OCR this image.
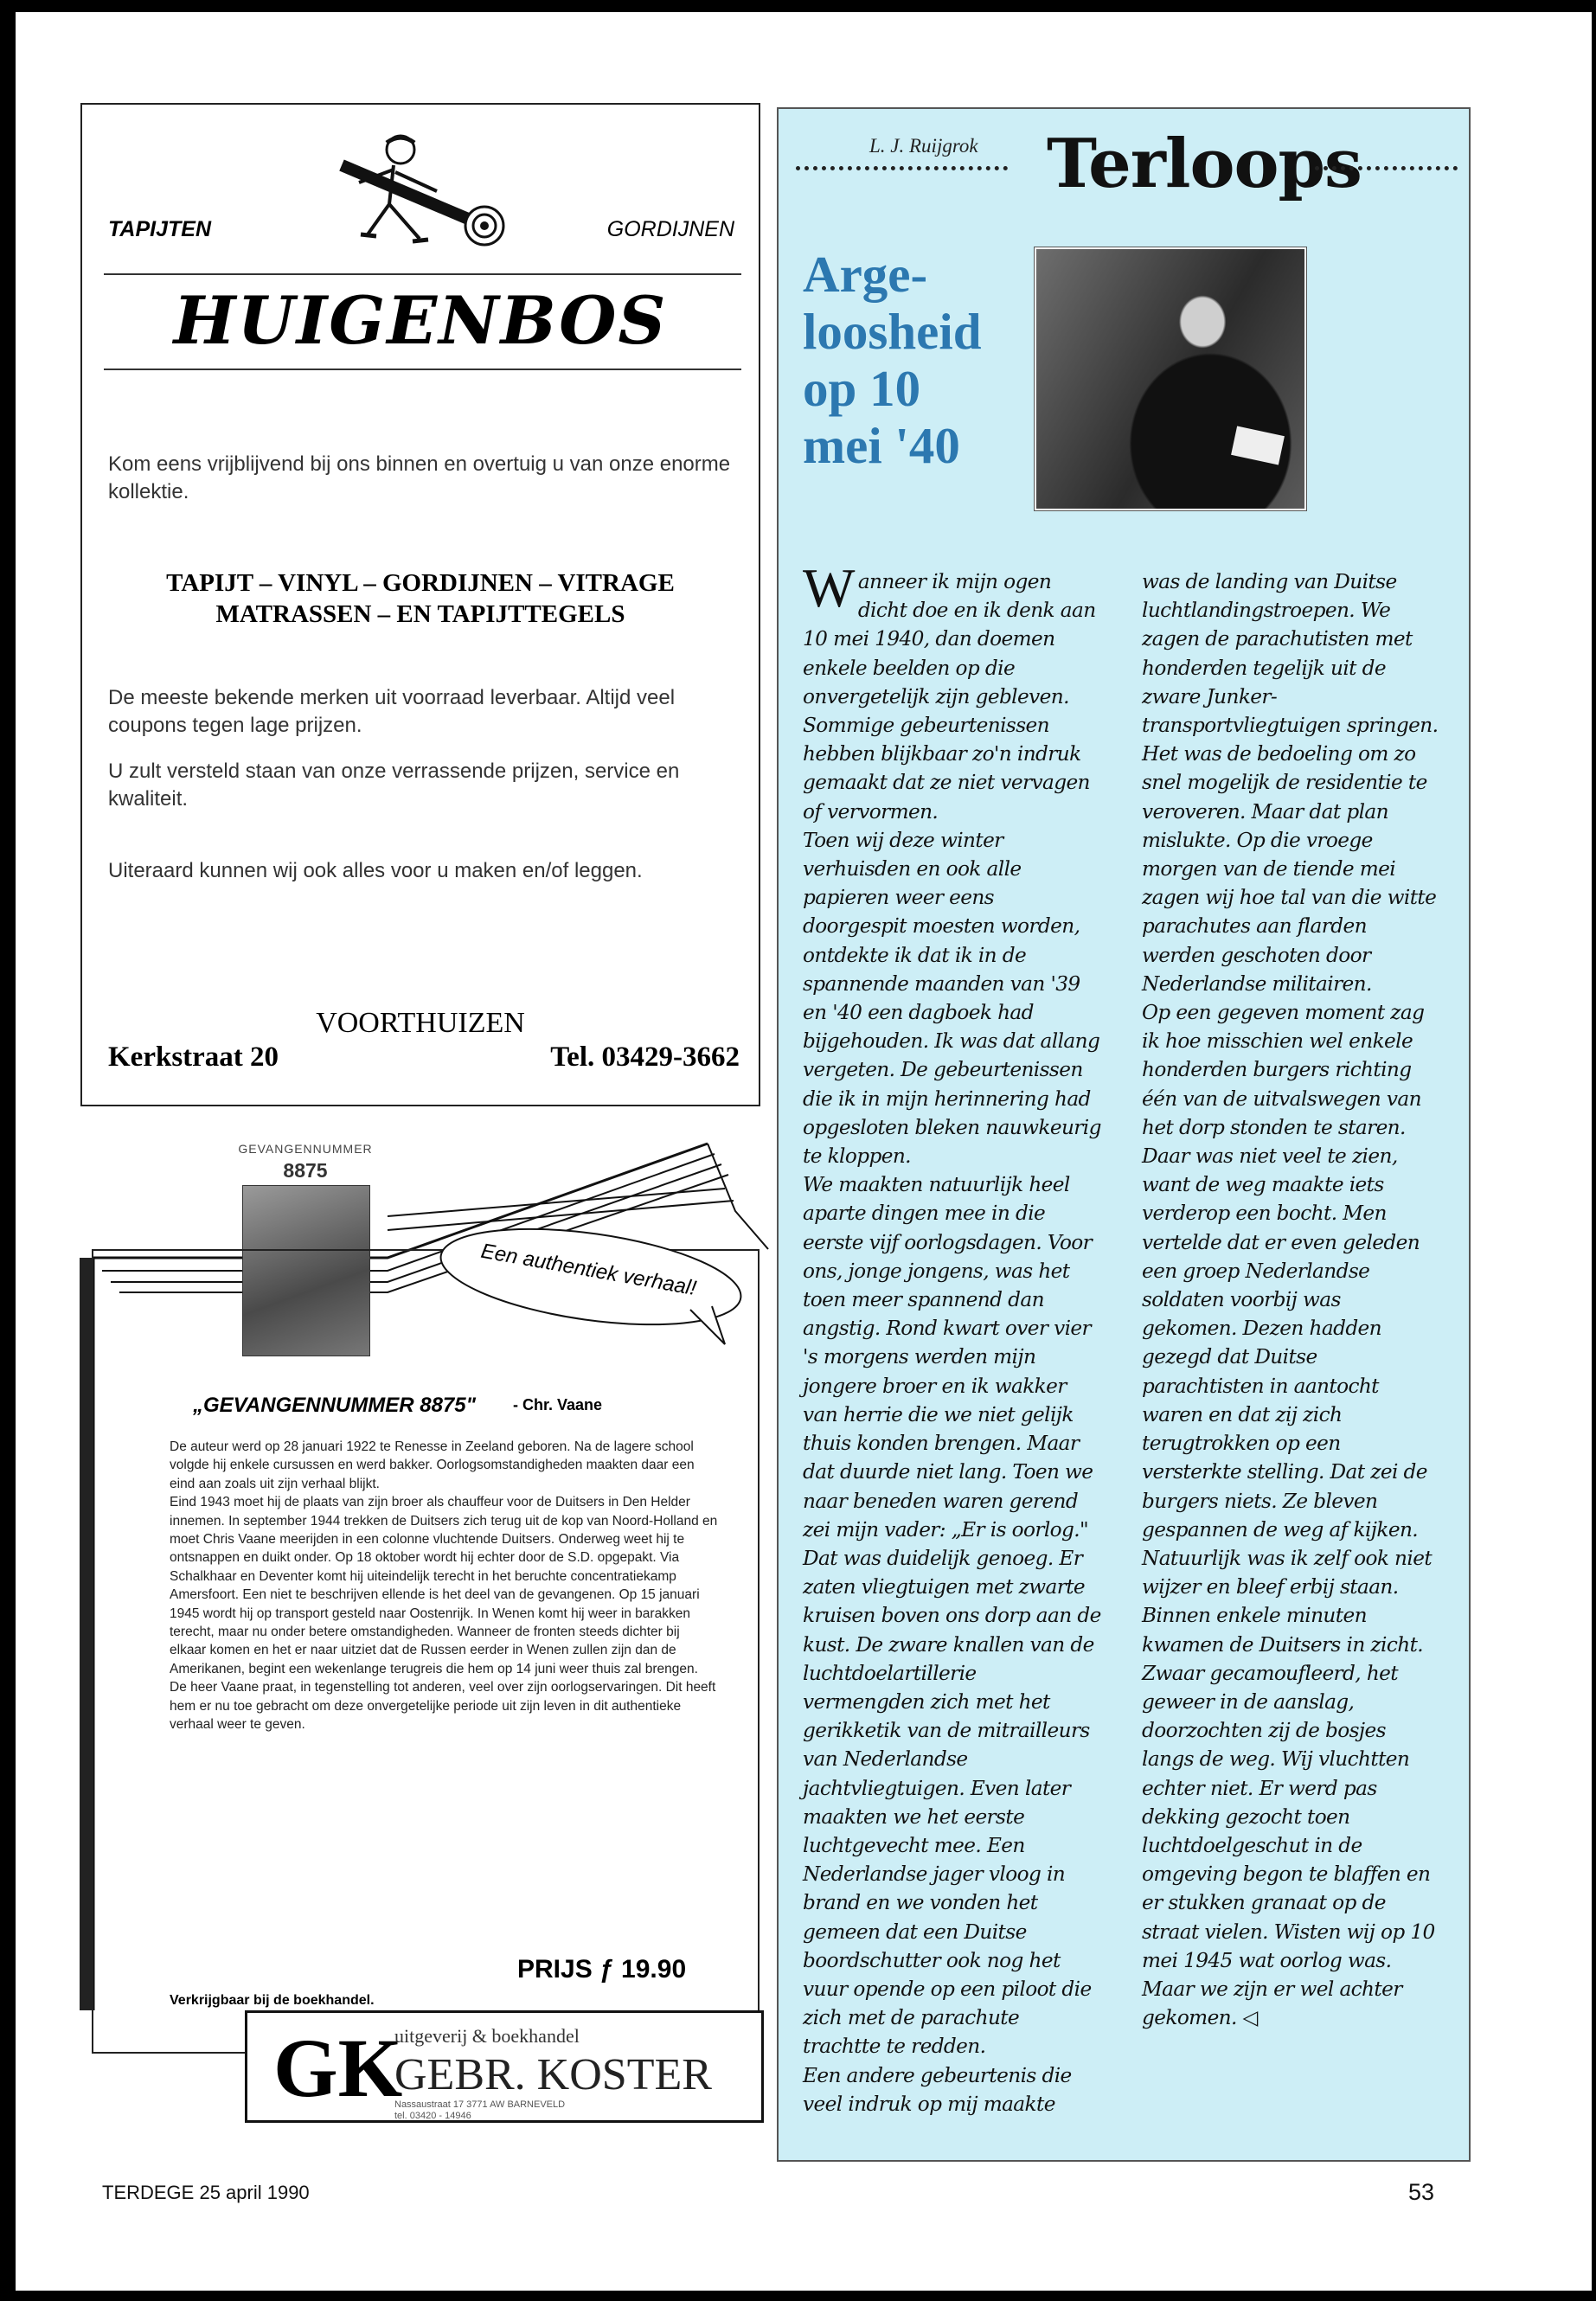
TAPIJTEN	GORDIJNEN
HUIGENBOS
Kom eens vrijblijvend bij ons binnen en overtuig u van onze enorme kollektie.
TAPIJT – VINYL – GORDIJNEN – VITRAGE
MATRASSEN – EN TAPIJTTEGELS
De meeste bekende merken uit voorraad leverbaar. Altijd veel coupons tegen lage prijzen.
U zult versteld staan van onze verrassende prijzen, service en kwaliteit.
Uiteraard kunnen wij ook alles voor u maken en/of leggen.
VOORTHUIZEN
Kerkstraat 20	Tel. 03429-3662
GEVANGENNUMMER
8875
Een authentiek verhaal!
„GEVANGENNUMMER 8875" - Chr. Vaane

De auteur werd op 28 januari 1922 te Renesse in Zeeland geboren. Na de lagere school volgde hij enkele cursussen en werd bakker. Oorlogsomstandigheden maakten daar een eind aan zoals uit zijn verhaal blijkt.

Eind 1943 moet hij de plaats van zijn broer als chauffeur voor de Duitsers in Den Helder innemen. In september 1944 trekken de Duitsers zich terug uit de kop van Noord-Holland en moet Chris Vaane meerijden in een colonne vluchtende Duitsers. Onderweg weet hij te ontsnappen en duikt onder. Op 18 oktober wordt hij echter door de S.D. opgepakt. Via Schalkhaar en Deventer komt hij uiteindelijk terecht in het beruchte concentratiekamp Amersfoort. Een niet te beschrijven ellende is het deel van de gevangenen. Op 15 januari 1945 wordt hij op transport gesteld naar Oostenrijk. In Wenen komt hij weer in barakken terecht, maar nu onder betere omstandigheden. Wanneer de fronten steeds dichter bij elkaar komen en het er naar uitziet dat de Russen eerder in Wenen zullen zijn dan de Amerikanen, begint een wekenlange terugreis die hem op 14 juni weer thuis zal brengen.

De heer Vaane praat, in tegenstelling tot anderen, veel over zijn oorlogservaringen. Dit heeft hem er nu toe gebracht om deze onvergetelijke periode uit zijn leven in dit authentieke verhaal weer te geven.

PRIJS ƒ 19.90
Verkrijgbaar bij de boekhandel.
GK
uitgeverij & boekhandel
GEBR. KOSTER
Nassaustraat 17 3771 AW BARNEVELD
tel. 03420 - 14946
L. J. Ruijgrok Terloops
Arge-
loosheid
op 10
mei '40

Wanneer ik mijn ogen dicht doe en ik denk aan 10 mei 1940, dan doemen enkele beelden op die onvergetelijk zijn gebleven. Sommige gebeurtenissen hebben blijkbaar zo'n indruk gemaakt dat ze niet vervagen of vervormen.

Toen wij deze winter verhuisden en ook alle papieren weer eens doorgespit moesten worden, ontdekte ik dat ik in de spannende maanden van '39 en '40 een dagboek had bijgehouden. Ik was dat allang vergeten. De gebeurtenissen die ik in mijn herinnering had opgesloten bleken nauwkeurig te kloppen.

We maakten natuurlijk heel aparte dingen mee in die eerste vijf oorlogsdagen. Voor ons, jonge jongens, was het toen meer spannend dan angstig. Rond kwart over vier 's morgens werden mijn jongere broer en ik wakker van herrie die we niet gelijk thuis konden brengen. Maar dat duurde niet lang. Toen we naar beneden waren gerend zei mijn vader: „Er is oorlog." Dat was duidelijk genoeg. Er zaten vliegtuigen met zwarte kruisen boven ons dorp aan de kust. De zware knallen van de luchtdoelartillerie vermengden zich met het gerikketik van de mitrailleurs van Nederlandse jachtvliegtuigen. Even later maakten we het eerste luchtgevecht mee. Een Nederlandse jager vloog in brand en we vonden het gemeen dat een Duitse boordschutter ook nog het vuur opende op een piloot die zich met de parachute trachtte te redden.

Een andere gebeurtenis die veel indruk op mij maakte

was de landing van Duitse luchtlandingstroepen. We zagen de parachutisten met honderden tegelijk uit de zware Junker-transportvliegtuigen springen. Het was de bedoeling om zo snel mogelijk de residentie te veroveren. Maar dat plan mislukte. Op die vroege morgen van de tiende mei zagen wij hoe tal van die witte parachutes aan flarden werden geschoten door Nederlandse militairen.

Op een gegeven moment zag ik hoe misschien wel enkele honderden burgers richting één van de uitvalswegen van het dorp stonden te staren. Daar was niet veel te zien, want de weg maakte iets verderop een bocht. Men vertelde dat er even geleden een groep Nederlandse soldaten voorbij was gekomen. Dezen hadden gezegd dat Duitse parachtisten in aantocht waren en dat zij zich terugtrokken op een versterkte stelling. Dat zei de burgers niets. Ze bleven gespannen de weg af kijken. Natuurlijk was ik zelf ook niet wijzer en bleef erbij staan.

Binnen enkele minuten kwamen de Duitsers in zicht. Zwaar gecamoufleerd, het geweer in de aanslag, doorzochten zij de bosjes langs de weg. Wij vluchtten echter niet. Er werd pas dekking gezocht toen luchtdoelgeschut in de omgeving begon te blaffen en er stukken granaat op de straat vielen. Wisten wij op 10 mei 1945 wat oorlog was. Maar we zijn er wel achter gekomen. ◁

TERDEGE 25 april 1990	53
